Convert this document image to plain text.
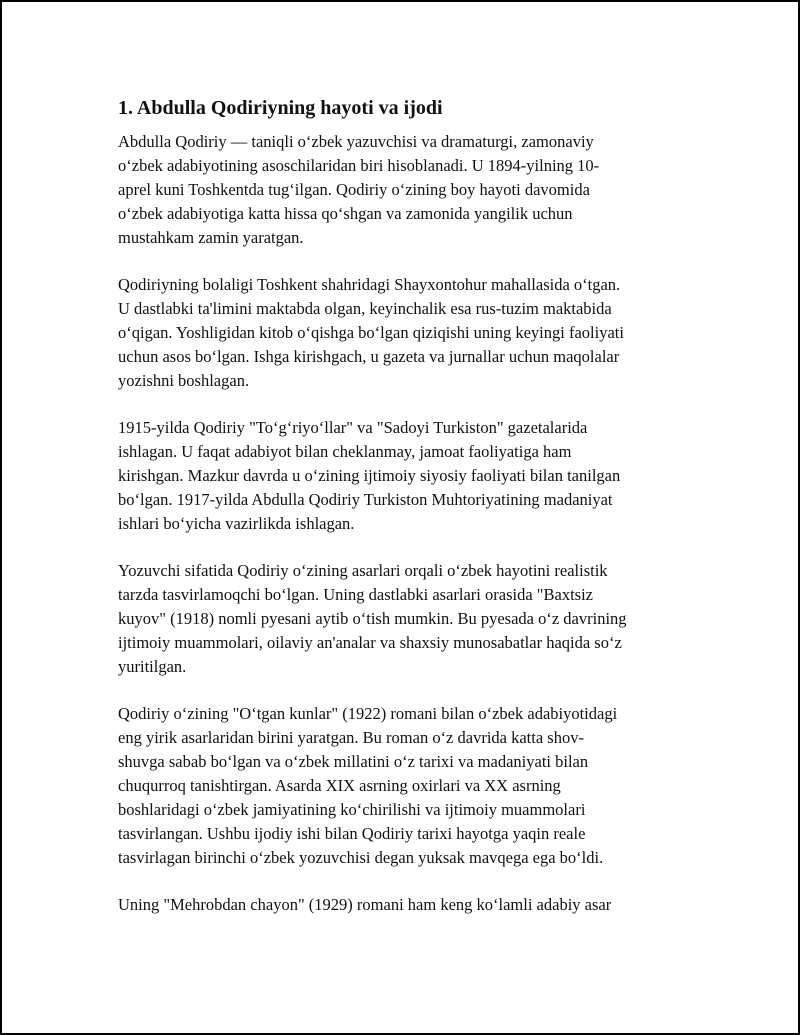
1. Abdulla Qodiriyning hayoti va ijodi
Abdulla Qodiriy — taniqli o‘zbek yazuvchisi va dramaturgi, zamonaviy
o‘zbek adabiyotining asoschilaridan biri hisoblanadi. U 1894-yilning 10-
aprel kuni Toshkentda tug‘ilgan. Qodiriy o‘zining boy hayoti davomida
o‘zbek adabiyotiga katta hissa qo‘shgan va zamonida yangilik uchun
mustahkam zamin yaratgan.
Qodiriyning bolaligi Toshkent shahridagi Shayxontohur mahallasida o‘tgan.
U dastlabki ta'limini maktabda olgan, keyinchalik esa rus-tuzim maktabida
o‘qigan. Yoshligidan kitob o‘qishga bo‘lgan qiziqishi uning keyingi faoliyati
uchun asos bo‘lgan. Ishga kirishgach, u gazeta va jurnallar uchun maqolalar
yozishni boshlagan.
1915-yilda Qodiriy "To‘g‘riyo‘llar" va "Sadoyi Turkiston" gazetalarida
ishlagan. U faqat adabiyot bilan cheklanmay, jamoat faoliyatiga ham
kirishgan. Mazkur davrda u o‘zining ijtimoiy siyosiy faoliyati bilan tanilgan
bo‘lgan. 1917-yilda Abdulla Qodiriy Turkiston Muhtoriyatining madaniyat
ishlari bo‘yicha vazirlikda ishlagan.
Yozuvchi sifatida Qodiriy o‘zining asarlari orqali o‘zbek hayotini realistik
tarzda tasvirlamoqchi bo‘lgan. Uning dastlabki asarlari orasida "Baxtsiz
kuyov" (1918) nomli pyesani aytib o‘tish mumkin. Bu pyesada o‘z davrining
ijtimoiy muammolari, oilaviy an'analar va shaxsiy munosabatlar haqida so‘z
yuritilgan.
Qodiriy o‘zining "O‘tgan kunlar" (1922) romani bilan o‘zbek adabiyotidagi
eng yirik asarlaridan birini yaratgan. Bu roman o‘z davrida katta shov-
shuvga sabab bo‘lgan va o‘zbek millatini o‘z tarixi va madaniyati bilan
chuqurroq tanishtirgan. Asarda XIX asrning oxirlari va XX asrning
boshlaridagi o‘zbek jamiyatining ko‘chirilishi va ijtimoiy muammolari
tasvirlangan. Ushbu ijodiy ishi bilan Qodiriy tarixi hayotga yaqin reale
tasvirlagan birinchi o‘zbek yozuvchisi degan yuksak mavqega ega bo‘ldi.
Uning "Mehrobdan chayon" (1929) romani ham keng ko‘lamli adabiy asar
